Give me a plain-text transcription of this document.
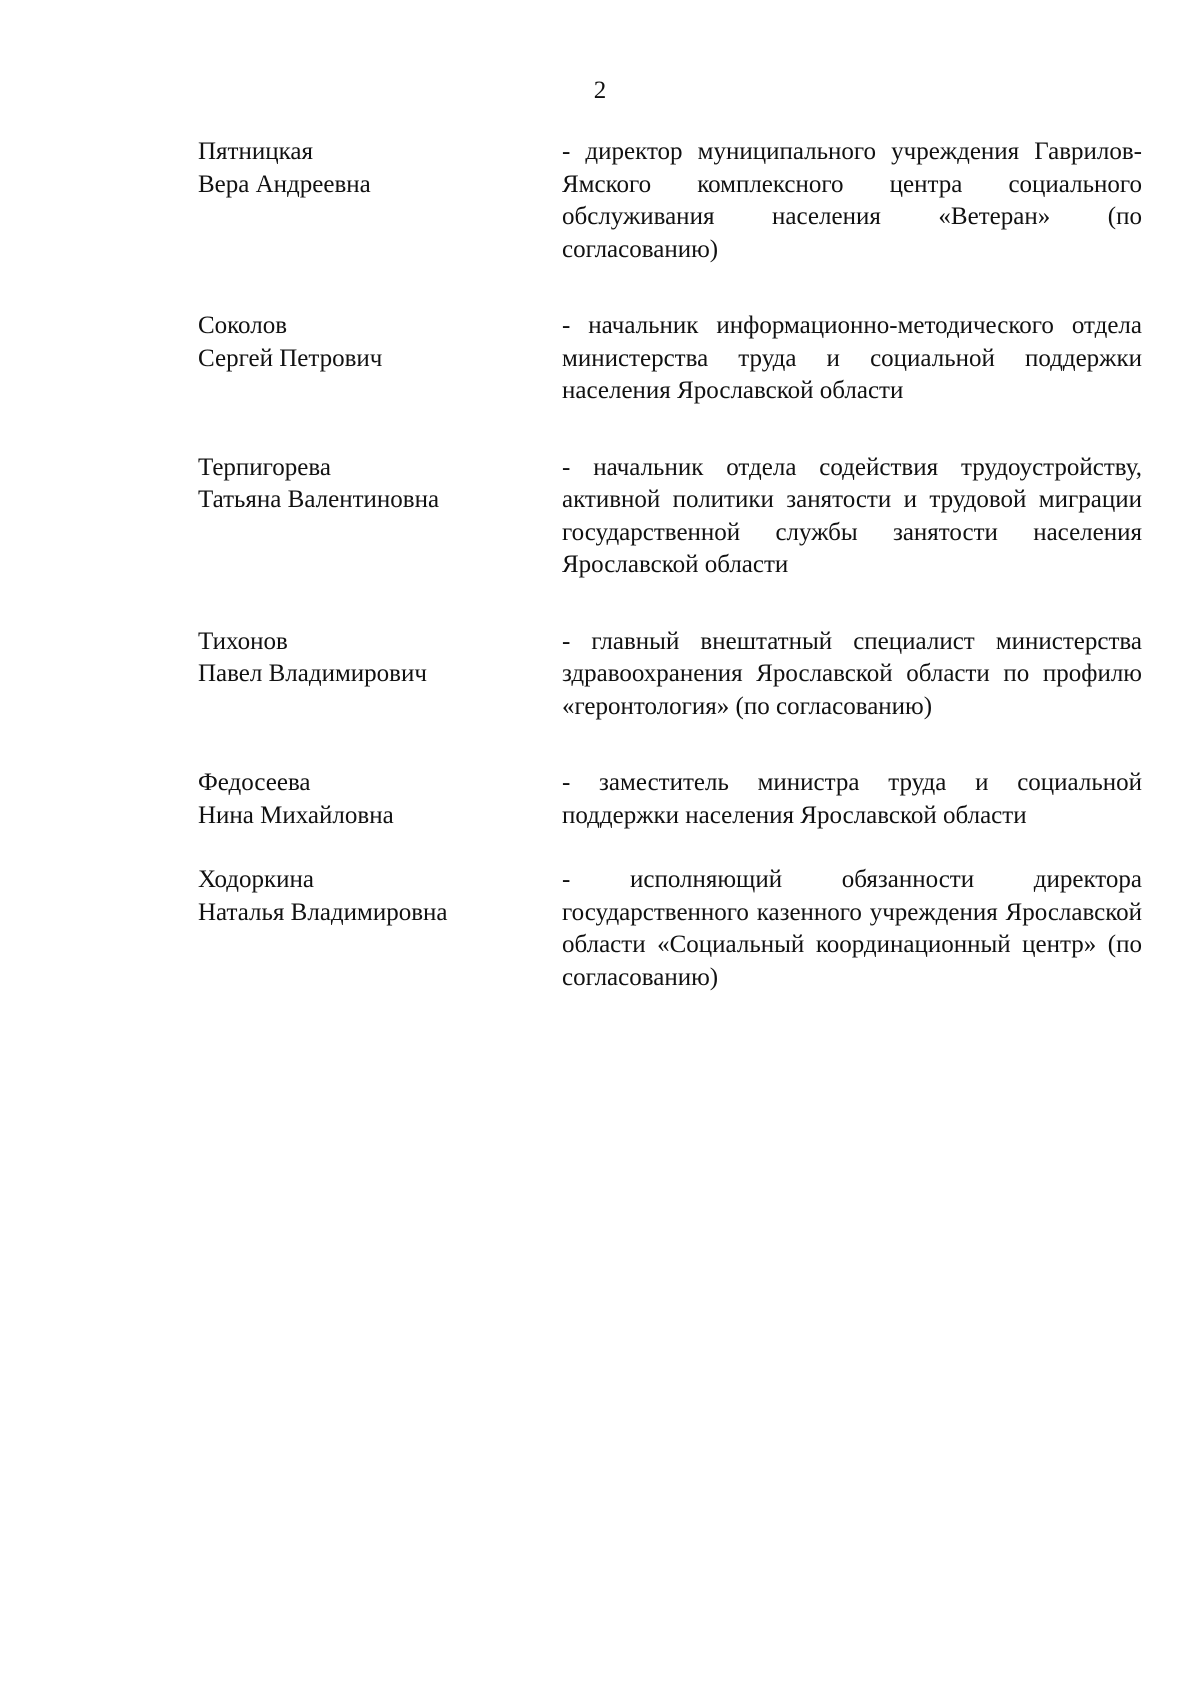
2
Пятницкая
Вера Андреевна
- директор муниципального учреждения Гаврилов-Ямского комплексного центра социального обслуживания населения «Ветеран» (по согласованию)
Соколов
Сергей Петрович
- начальник информационно-методического отдела министерства труда и социальной поддержки населения Ярославской области
Терпигорева
Татьяна Валентиновна
- начальник отдела содействия трудоустройству, активной политики занятости и трудовой миграции государственной службы занятости населения Ярославской области
Тихонов
Павел Владимирович
- главный внештатный специалист министерства здравоохранения Ярославской области по профилю «геронтология» (по согласованию)
Федосеева
Нина Михайловна
- заместитель министра труда и социальной поддержки населения Ярославской области
Ходоркина
Наталья Владимировна
- исполняющий обязанности директора государственного казенного учреждения Ярославской области «Социальный координационный центр» (по согласованию)
